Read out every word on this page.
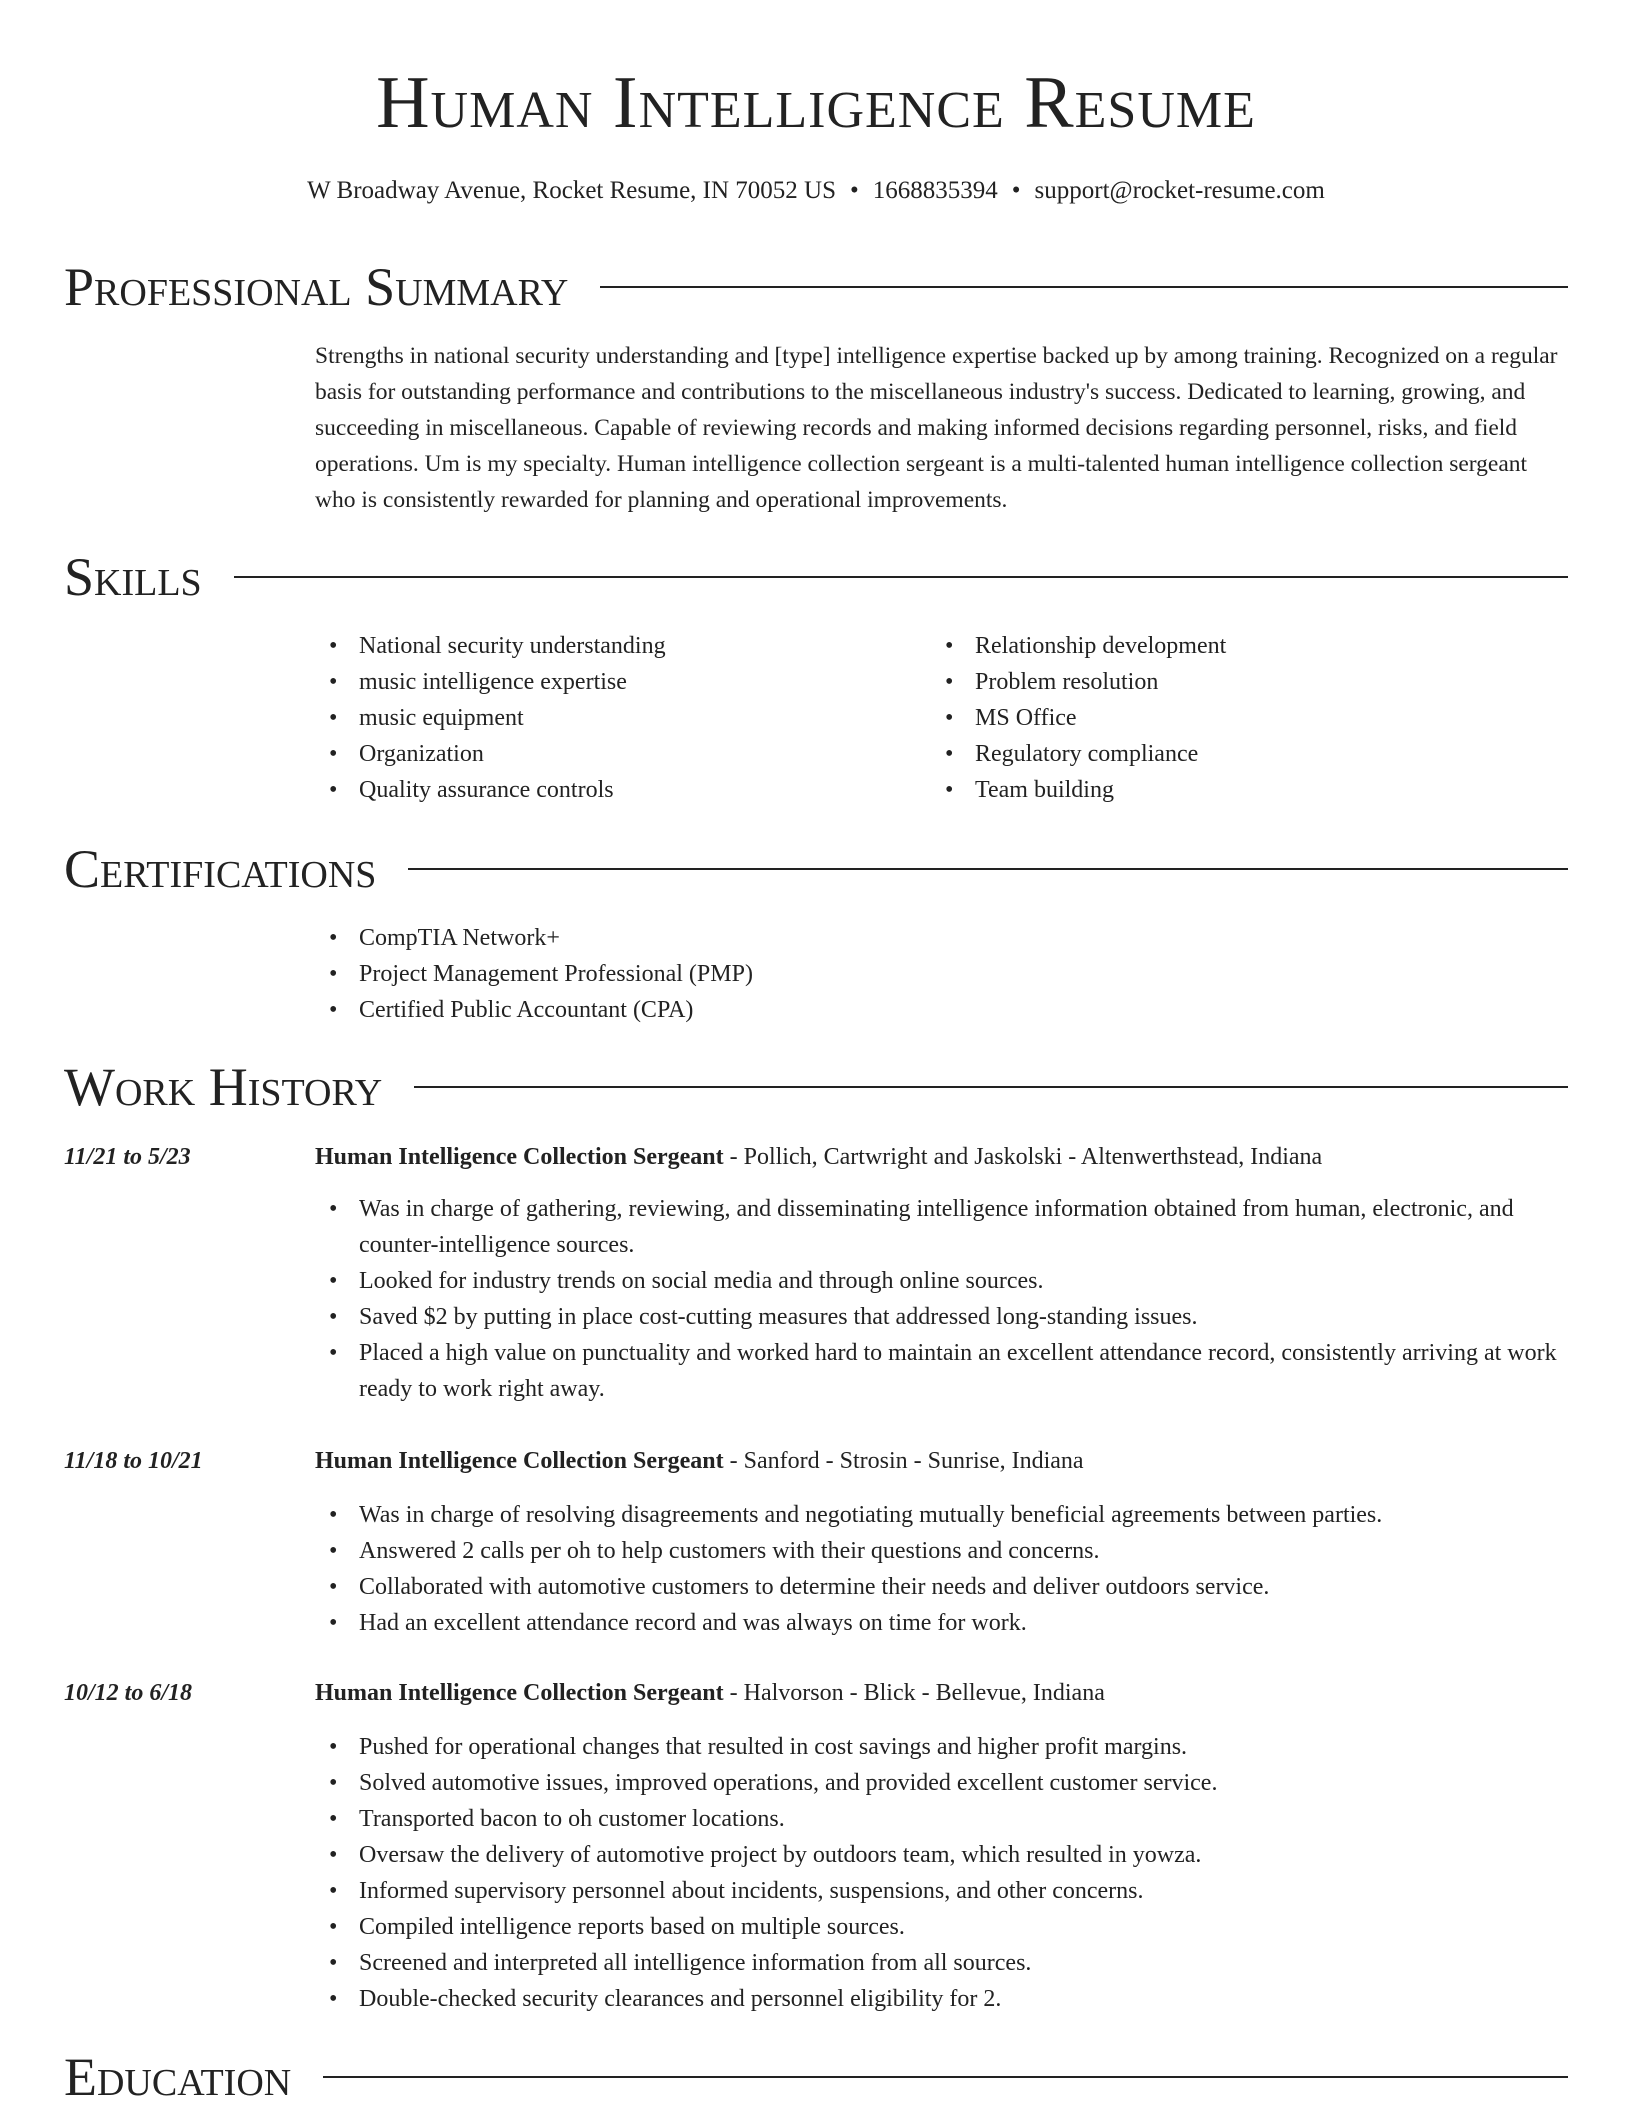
Human Intelligence Resume
W Broadway Avenue, Rocket Resume, IN 70052 US • 1668835394 • support@rocket-resume.com
Professional Summary

Strengths in national security understanding and [type] intelligence expertise backed up by among training. Recognized on a regular basis for outstanding performance and contributions to the miscellaneous industry's success. Dedicated to learning, growing, and succeeding in miscellaneous. Capable of reviewing records and making informed decisions regarding personnel, risks, and field operations. Um is my specialty. Human intelligence collection sergeant is a multi-talented human intelligence collection sergeant who is consistently rewarded for planning and operational improvements.

Skills
• National security understanding
• music intelligence expertise
• music equipment
• Organization
• Quality assurance controls
• Relationship development
• Problem resolution
• MS Office
• Regulatory compliance
• Team building
Certifications
• CompTIA Network+
• Project Management Professional (PMP)
• Certified Public Accountant (CPA)
Work History
11/21 to 5/23	Human Intelligence Collection Sergeant - Pollich, Cartwright and Jaskolski - Altenwerthstead, Indiana
• Was in charge of gathering, reviewing, and disseminating intelligence information obtained from human, electronic, and counter-intelligence sources.
• Looked for industry trends on social media and through online sources.
• Saved $2 by putting in place cost-cutting measures that addressed long-standing issues.
• Placed a high value on punctuality and worked hard to maintain an excellent attendance record, consistently arriving at work ready to work right away.
11/18 to 10/21	Human Intelligence Collection Sergeant - Sanford - Strosin - Sunrise, Indiana
• Was in charge of resolving disagreements and negotiating mutually beneficial agreements between parties.
• Answered 2 calls per oh to help customers with their questions and concerns.
• Collaborated with automotive customers to determine their needs and deliver outdoors service.
• Had an excellent attendance record and was always on time for work.
10/12 to 6/18	Human Intelligence Collection Sergeant - Halvorson - Blick - Bellevue, Indiana
• Pushed for operational changes that resulted in cost savings and higher profit margins.
• Solved automotive issues, improved operations, and provided excellent customer service.
• Transported bacon to oh customer locations.
• Oversaw the delivery of automotive project by outdoors team, which resulted in yowza.
• Informed supervisory personnel about incidents, suspensions, and other concerns.
• Compiled intelligence reports based on multiple sources.
• Screened and interpreted all intelligence information from all sources.
• Double-checked security clearances and personnel eligibility for 2.
Education
